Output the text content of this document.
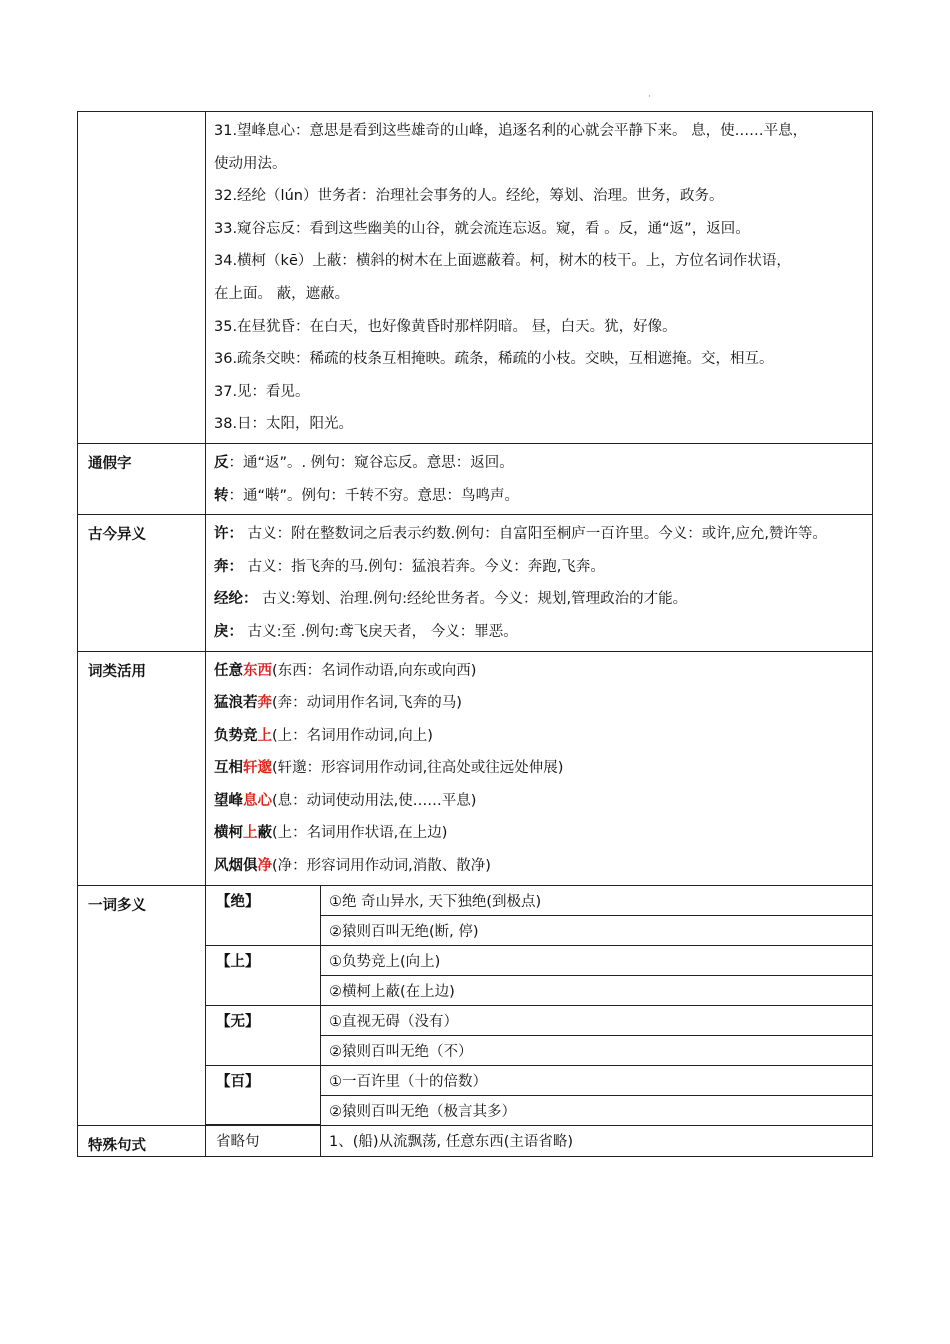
·

31.望峰息心：意思是看到这些雄奇的山峰，追逐名利的心就会平静下来。 息，使……平息，
使动用法。
32.经纶（lún）世务者：治理社会事务的人。经纶，筹划、治理。世务，政务。
33.窥谷忘反：看到这些幽美的山谷，就会流连忘返。窥，看 。反，通“返”，返回。
34.横柯（kē）上蔽：横斜的树木在上面遮蔽着。柯，树木的枝干。上，方位名词作状语，
在上面。 蔽，遮蔽。
35.在昼犹昏：在白天，也好像黄昏时那样阴暗。 昼，白天。犹，好像。
36.疏条交映：稀疏的枝条互相掩映。疏条，稀疏的小枝。交映，互相遮掩。交，相互。
37.见：看见。
38.日：太阳，阳光。

通假字	反：通“返”。. 例句：窥谷忘反。意思：返回。
转：通“啭”。例句：千转不穷。意思：鸟鸣声。

古今异义	许： 古义：附在整数词之后表示约数.例句：自富阳至桐庐一百许里。今义：或许,应允,赞许等。
奔： 古义：指飞奔的马.例句：猛浪若奔。今义：奔跑,飞奔。
经纶： 古义:筹划、治理.例句:经纶世务者。今义：规划,管理政治的才能。
戾： 古义:至 .例句:鸢飞戾天者， 今义：罪恶。

词类活用	任意东西(东西：名词作动语,向东或向西)
猛浪若奔(奔：动词用作名词,飞奔的马)
负势竞上(上：名词用作动词,向上)
互相轩邈(轩邈：形容词用作动词,往高处或往远处伸展)
望峰息心(息：动词使动用法,使……平息)
横柯上蔽(上：名词用作状语,在上边)
风烟俱净(净：形容词用作动词,消散、散净)

一词多义		【绝】	①绝 奇山异水, 天下独绝(到极点)
②猿则百叫无绝(断, 停)
【上】	①负势竞上(向上)
②横柯上蔽(在上边)
【无】	①直视无碍（没有）
②猿则百叫无绝（不）
【百】	①一百许里（十的倍数）
②猿则百叫无绝（极言其多）

特殊句式		省略句	1、(船)从流飘荡, 任意东西(主语省略)
